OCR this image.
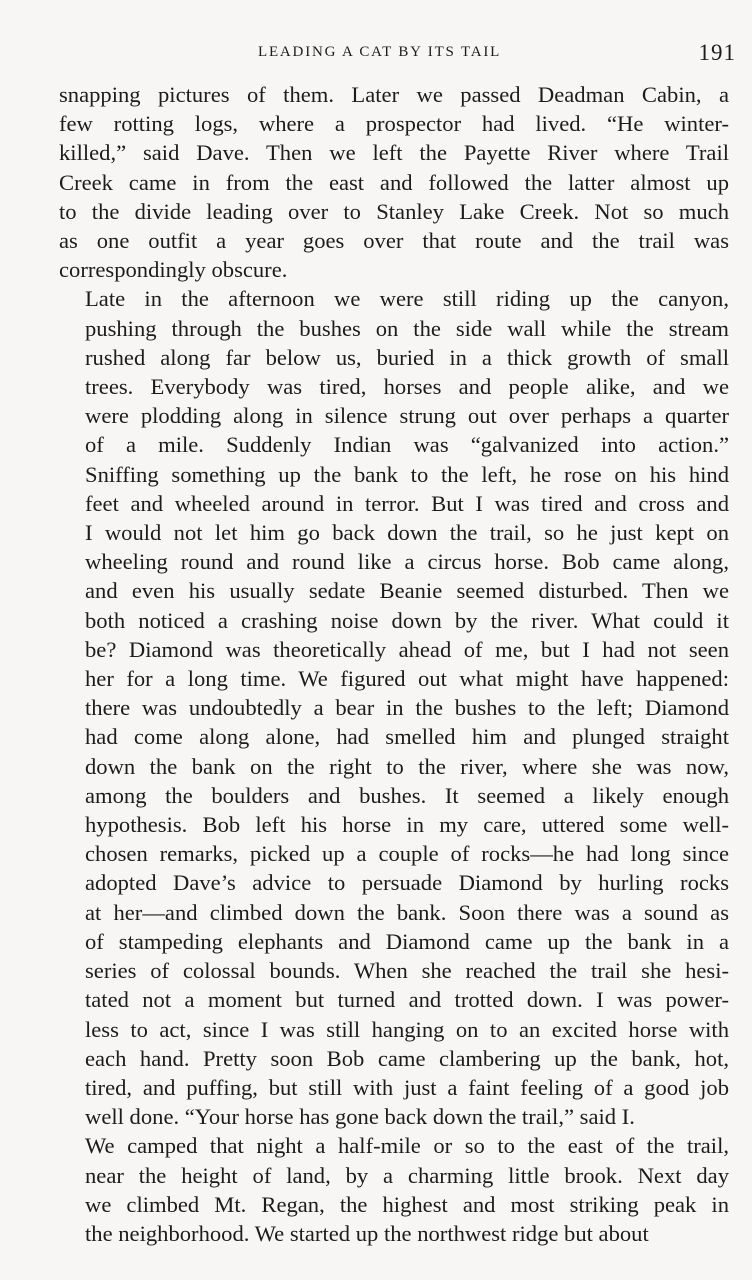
LEADING A CAT BY ITS TAIL	191
snapping pictures of them. Later we passed Deadman Cabin, a
few rotting logs, where a prospector had lived. “He winter-
killed,” said Dave. Then we left the Payette River where Trail
Creek came in from the east and followed the latter almost up
to the divide leading over to Stanley Lake Creek. Not so much
as one outfit a year goes over that route and the trail was
correspondingly obscure.
Late in the afternoon we were still riding up the canyon,
pushing through the bushes on the side wall while the stream
rushed along far below us, buried in a thick growth of small
trees. Everybody was tired, horses and people alike, and we
were plodding along in silence strung out over perhaps a quarter
of a mile. Suddenly Indian was “galvanized into action.”
Sniffing something up the bank to the left, he rose on his hind
feet and wheeled around in terror. But I was tired and cross and
I would not let him go back down the trail, so he just kept on
wheeling round and round like a circus horse. Bob came along,
and even his usually sedate Beanie seemed disturbed. Then we
both noticed a crashing noise down by the river. What could it
be? Diamond was theoretically ahead of me, but I had not seen
her for a long time. We figured out what might have happened:
there was undoubtedly a bear in the bushes to the left; Diamond
had come along alone, had smelled him and plunged straight
down the bank on the right to the river, where she was now,
among the boulders and bushes. It seemed a likely enough
hypothesis. Bob left his horse in my care, uttered some well-
chosen remarks, picked up a couple of rocks—he had long since
adopted Dave’s advice to persuade Diamond by hurling rocks
at her—and climbed down the bank. Soon there was a sound as
of stampeding elephants and Diamond came up the bank in a
series of colossal bounds. When she reached the trail she hesi-
tated not a moment but turned and trotted down. I was power-
less to act, since I was still hanging on to an excited horse with
each hand. Pretty soon Bob came clambering up the bank, hot,
tired, and puffing, but still with just a faint feeling of a good job
well done. “Your horse has gone back down the trail,” said I.
We camped that night a half-mile or so to the east of the trail,
near the height of land, by a charming little brook. Next day
we climbed Mt. Regan, the highest and most striking peak in
the neighborhood. We started up the northwest ridge but about
